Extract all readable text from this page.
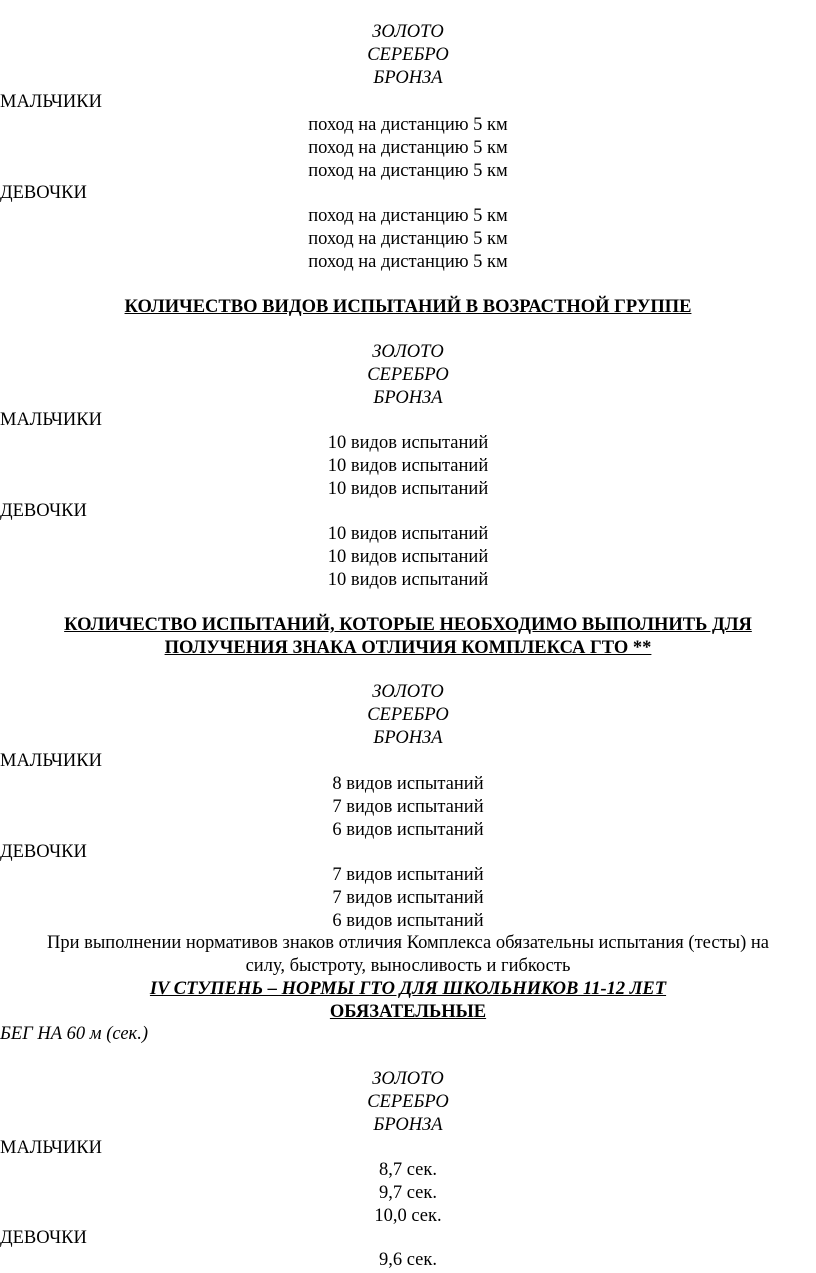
ЗОЛОТО
СЕРЕБРО
БРОНЗА
МАЛЬЧИКИ
поход на дистанцию 5 км
поход на дистанцию 5 км
поход на дистанцию 5 км
ДЕВОЧКИ
поход на дистанцию 5 км
поход на дистанцию 5 км
поход на дистанцию 5 км
КОЛИЧЕСТВО ВИДОВ ИСПЫТАНИЙ В ВОЗРАСТНОЙ ГРУППЕ
ЗОЛОТО
СЕРЕБРО
БРОНЗА
МАЛЬЧИКИ
10 видов испытаний
10 видов испытаний
10 видов испытаний
ДЕВОЧКИ
10 видов испытаний
10 видов испытаний
10 видов испытаний
КОЛИЧЕСТВО ИСПЫТАНИЙ, КОТОРЫЕ НЕОБХОДИМО ВЫПОЛНИТЬ ДЛЯ
ПОЛУЧЕНИЯ ЗНАКА ОТЛИЧИЯ КОМПЛЕКСА ГТО **
ЗОЛОТО
СЕРЕБРО
БРОНЗА
МАЛЬЧИКИ
8 видов испытаний
7 видов испытаний
6 видов испытаний
ДЕВОЧКИ
7 видов испытаний
7 видов испытаний
6 видов испытаний
При выполнении нормативов знаков отличия Комплекса обязательны испытания (тесты) на
силу, быстроту, выносливость и гибкость
IV СТУПЕНЬ – НОРМЫ ГТО ДЛЯ ШКОЛЬНИКОВ 11-12 ЛЕТ
ОБЯЗАТЕЛЬНЫЕ
БЕГ НА 60 м (сек.)
ЗОЛОТО
СЕРЕБРО
БРОНЗА
МАЛЬЧИКИ
8,7 сек.
9,7 сек.
10,0 сек.
ДЕВОЧКИ
9,6 сек.
